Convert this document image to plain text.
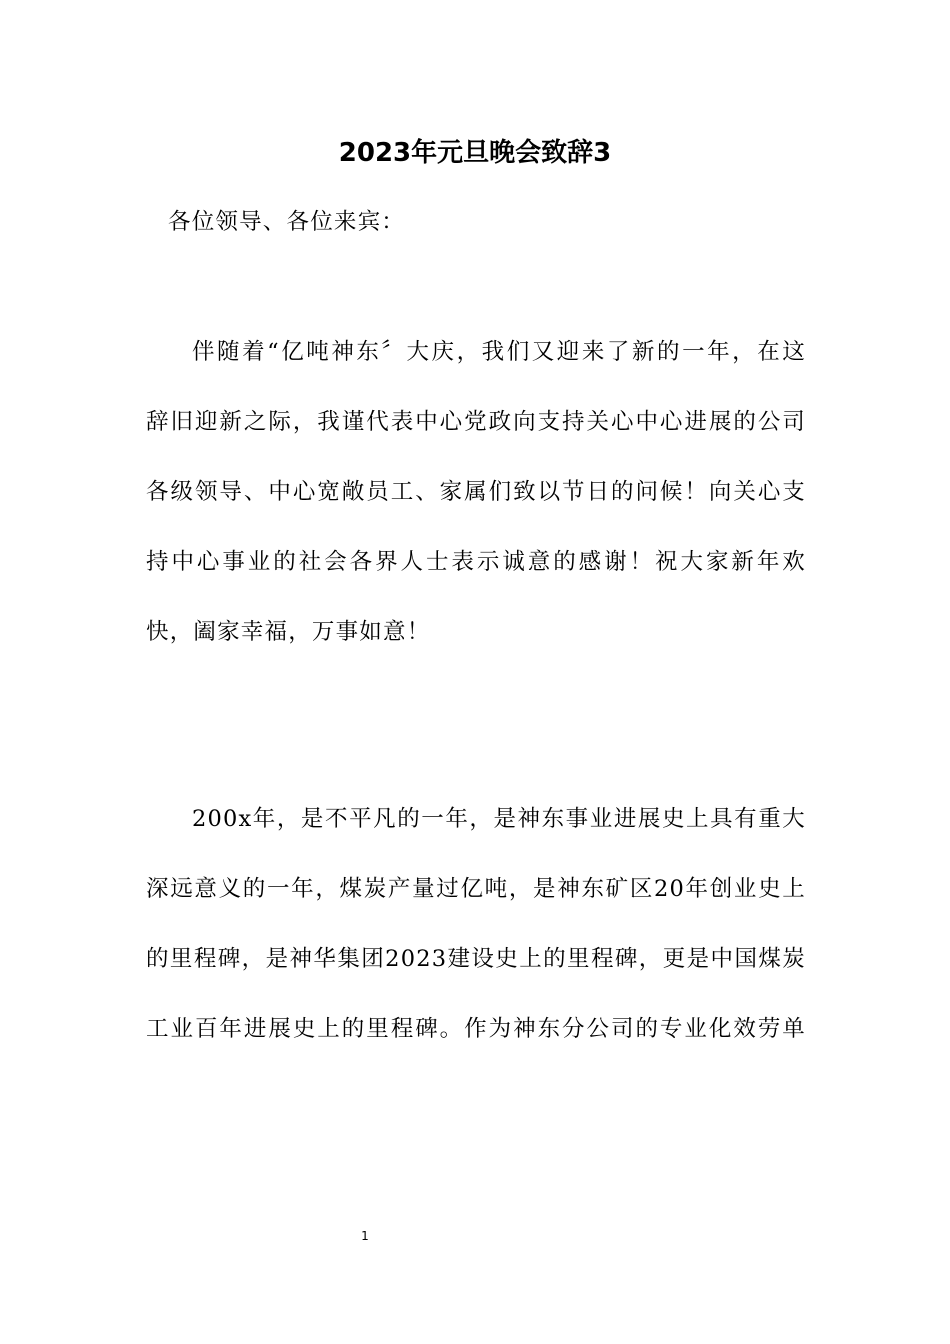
2023年元旦晚会致辞3
各位领导、各位来宾：
伴随着“亿吨神东〞大庆，我们又迎来了新的一年，在这
辞旧迎新之际，我谨代表中心党政向支持关心中心进展的公司
各级领导、中心宽敞员工、家属们致以节日的问候！向关心支
持中心事业的社会各界人士表示诚意的感谢！祝大家新年欢
快，阖家幸福，万事如意！
200x年，是不平凡的一年，是神东事业进展史上具有重大
深远意义的一年，煤炭产量过亿吨，是神东矿区20年创业史上
的里程碑，是神华集团2023建设史上的里程碑，更是中国煤炭
工业百年进展史上的里程碑。作为神东分公司的专业化效劳单
1
